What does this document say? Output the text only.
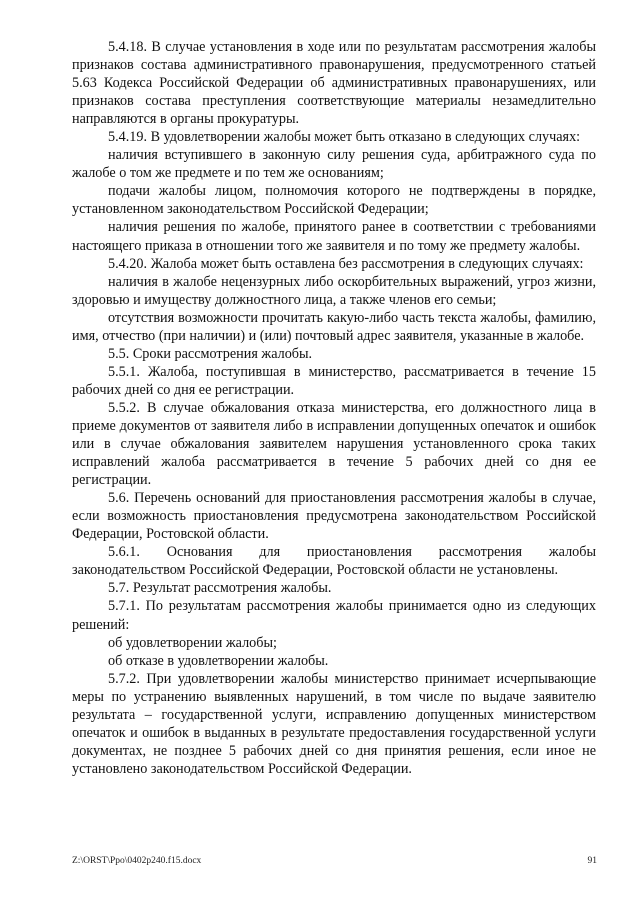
5.4.18. В случае установления в ходе или по результатам рассмотрения жалобы признаков состава административного правонарушения, предусмотренного статьей 5.63 Кодекса Российской Федерации об административных правонарушениях, или признаков состава преступления соответствующие материалы незамедлительно направляются в органы прокуратуры.

5.4.19. В удовлетворении жалобы может быть отказано в следующих случаях:

наличия вступившего в законную силу решения суда, арбитражного суда по жалобе о том же предмете и по тем же основаниям;

подачи жалобы лицом, полномочия которого не подтверждены в порядке, установленном законодательством Российской Федерации;

наличия решения по жалобе, принятого ранее в соответствии с требованиями настоящего приказа в отношении того же заявителя и по тому же предмету жалобы.

5.4.20. Жалоба может быть оставлена без рассмотрения в следующих случаях:

наличия в жалобе нецензурных либо оскорбительных выражений, угроз жизни, здоровью и имуществу должностного лица, а также членов его семьи;

отсутствия возможности прочитать какую-либо часть текста жалобы, фамилию, имя, отчество (при наличии) и (или) почтовый адрес заявителя, указанные в жалобе.

5.5. Сроки рассмотрения жалобы.

5.5.1. Жалоба, поступившая в министерство, рассматривается в течение 15 рабочих дней со дня ее регистрации.

5.5.2. В случае обжалования отказа министерства, его должностного лица в приеме документов от заявителя либо в исправлении допущенных опечаток и ошибок или в случае обжалования заявителем нарушения установленного срока таких исправлений жалоба рассматривается в течение 5 рабочих дней со дня ее регистрации.

5.6. Перечень оснований для приостановления рассмотрения жалобы в случае, если возможность приостановления предусмотрена законодательством Российской Федерации, Ростовской области.

5.6.1. Основания для приостановления рассмотрения жалобы законодательством Российской Федерации, Ростовской области не установлены.

5.7. Результат рассмотрения жалобы.

5.7.1. По результатам рассмотрения жалобы принимается одно из следующих решений:

об удовлетворении жалобы;

об отказе в удовлетворении жалобы.

5.7.2. При удовлетворении жалобы министерство принимает исчерпывающие меры по устранению выявленных нарушений, в том числе по выдаче заявителю результата – государственной услуги, исправлению допущенных министерством опечаток и ошибок в выданных в результате предоставления государственной услуги документах, не позднее 5 рабочих дней со дня принятия решения, если иное не установлено законодательством Российской Федерации.

Z:\ORST\Ppo\0402p240.f15.docx	91
